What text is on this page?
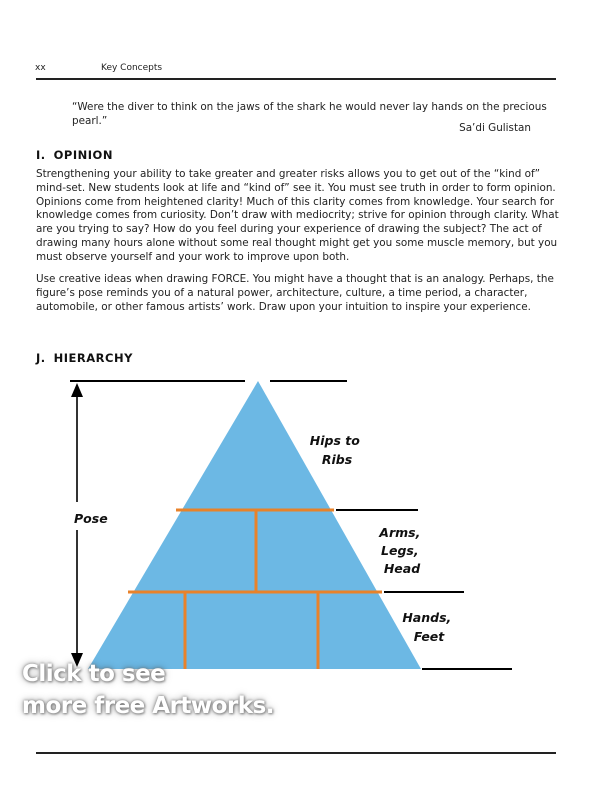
xx	Key Concepts
“Were the diver to think on the jaws of the shark he would never lay hands on the precious pearl.”
Sa’di Gulistan
I. OPINION

Strengthening your ability to take greater and greater risks allows you to get out of the “kind of” mind-set. New students look at life and “kind of” see it. You must see truth in order to form opinion. Opinions come from heightened clarity! Much of this clarity comes from knowledge. Your search for knowledge comes from curiosity. Don’t draw with mediocrity; strive for opinion through clarity. What are you trying to say? How do you feel during your experience of drawing the subject? The act of drawing many hours alone without some real thought might get you some muscle memory, but you must observe yourself and your work to improve upon both.

Use creative ideas when drawing FORCE. You might have a thought that is an analogy. Perhaps, the figure’s pose reminds you of a natural power, architecture, culture, a time period, a character, automobile, or other famous artists’ work. Draw upon your intuition to inspire your experience.

J. HIERARCHY
Pose
Hips to Ribs
Arms, Legs, Head
Hands, Feet
Click to see
more free Artworks.
